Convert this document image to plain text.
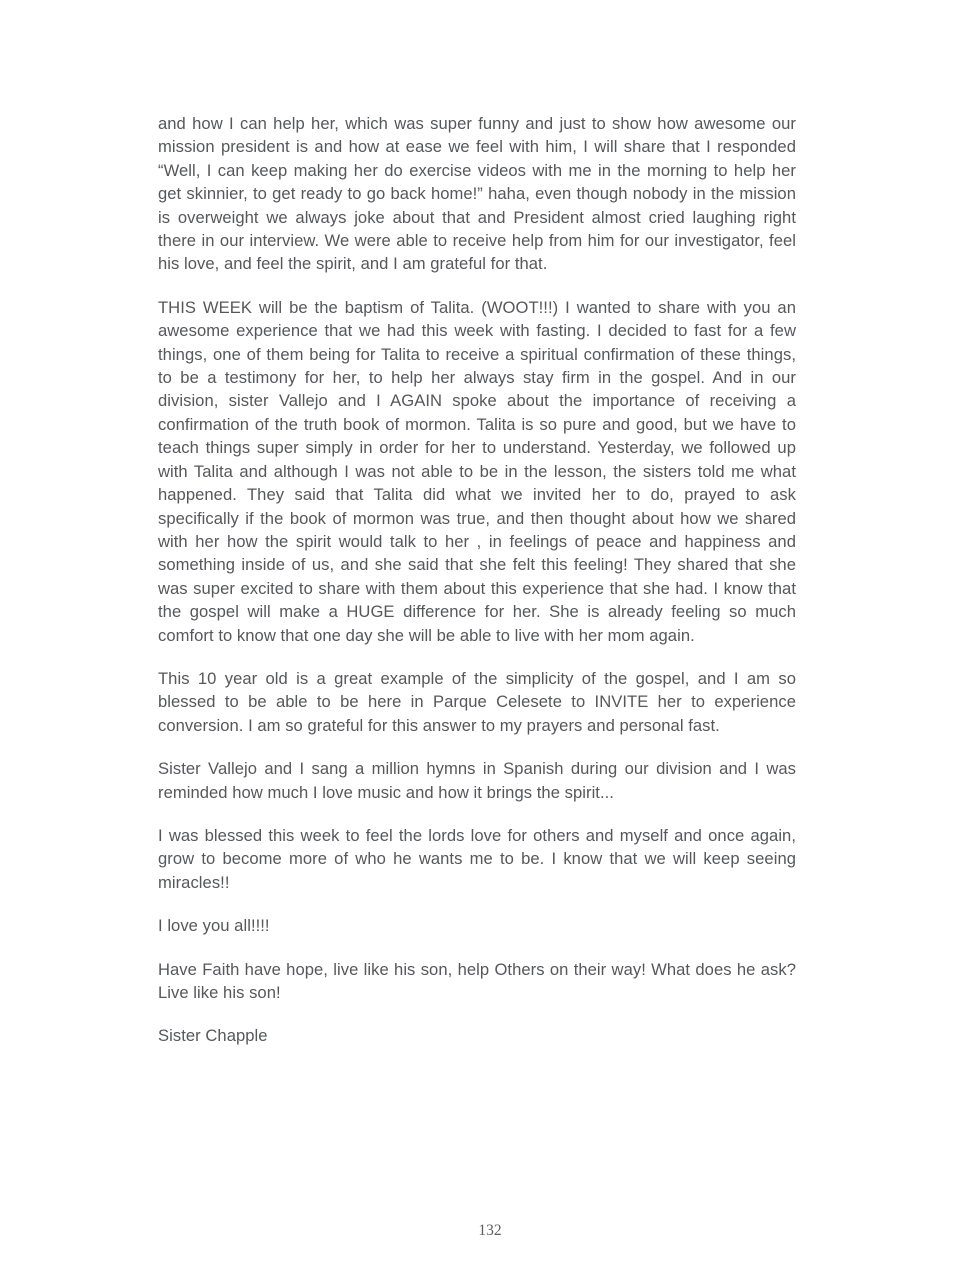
and how I can help her, which was super funny and just to show how awesome our mission president is and how at ease we feel with him, I will share that I responded “Well, I can keep making her do exercise videos with me in the morning to help her get skinnier, to get ready to go back home!” haha, even though nobody in the mission is overweight we always joke about that and President almost cried laughing right there in our interview. We were able to receive help from him for our investigator, feel his love, and feel the spirit, and I am grateful for that.

THIS WEEK will be the baptism of Talita. (WOOT!!!) I wanted to share with you an awesome experience that we had this week with fasting. I decided to fast for a few things, one of them being for Talita to receive a spiritual confirmation of these things, to be a testimony for her, to help her always stay firm in the gospel. And in our division, sister Vallejo and I AGAIN spoke about the importance of receiving a confirmation of the truth book of mormon. Talita is so pure and good, but we have to teach things super simply in order for her to understand. Yesterday, we followed up with Talita and although I was not able to be in the lesson, the sisters told me what happened. They said that Talita did what we invited her to do, prayed to ask specifically if the book of mormon was true, and then thought about how we shared with her how the spirit would talk to her , in feelings of peace and happiness and something inside of us, and she said that she felt this feeling! They shared that she was super excited to share with them about this experience that she had. I know that the gospel will make a HUGE difference for her. She is already feeling so much comfort to know that one day she will be able to live with her mom again.

This 10 year old is a great example of the simplicity of the gospel, and I am so blessed to be able to be here in Parque Celesete to INVITE her to experience conversion. I am so grateful for this answer to my prayers and personal fast.

Sister Vallejo and I sang a million hymns in Spanish during our division and I was reminded how much I love music and how it brings the spirit...

I was blessed this week to feel the lords love for others and myself and once again, grow to become more of who he wants me to be. I know that we will keep seeing miracles!!

I love you all!!!!

Have Faith have hope, live like his son, help Others on their way! What does he ask? Live like his son!

Sister Chapple

132
